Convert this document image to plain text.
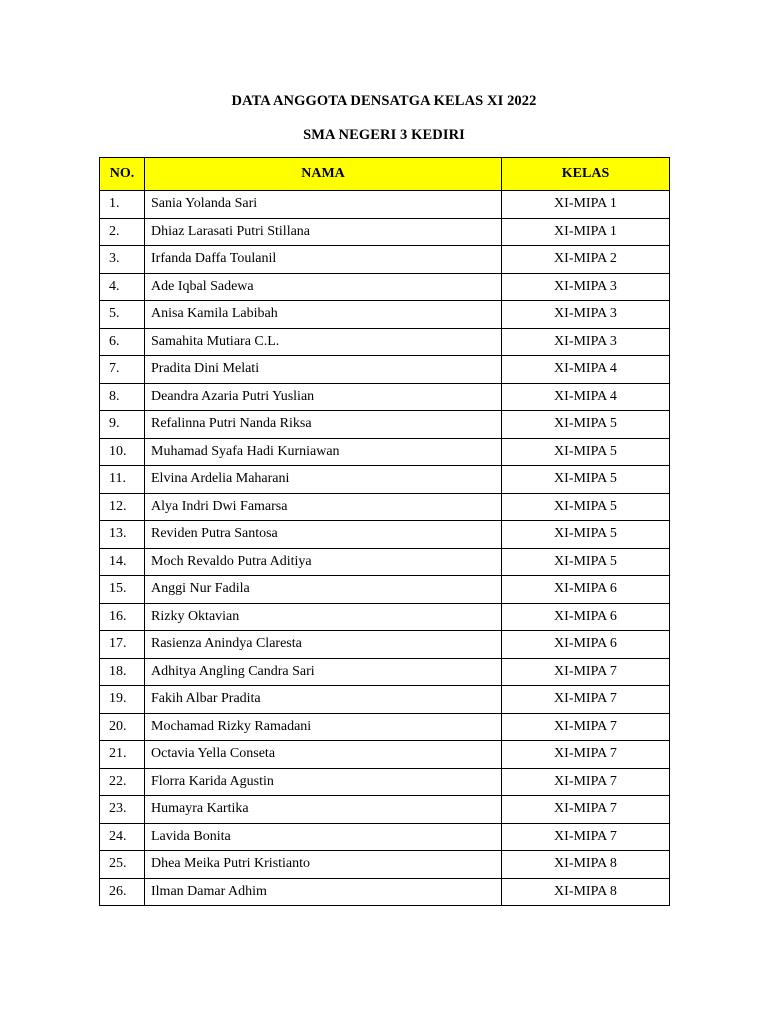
DATA ANGGOTA DENSATGA KELAS XI 2022
SMA NEGERI 3 KEDIRI
NO.	NAMA	KELAS
1.	Sania Yolanda Sari	XI-MIPA 1
2.	Dhiaz Larasati Putri Stillana	XI-MIPA 1
3.	Irfanda Daffa Toulanil	XI-MIPA 2
4.	Ade Iqbal Sadewa	XI-MIPA 3
5.	Anisa Kamila Labibah	XI-MIPA 3
6.	Samahita Mutiara C.L.	XI-MIPA 3
7.	Pradita Dini Melati	XI-MIPA 4
8.	Deandra Azaria Putri Yuslian	XI-MIPA 4
9.	Refalinna Putri Nanda Riksa	XI-MIPA 5
10.	Muhamad Syafa Hadi Kurniawan	XI-MIPA 5
11.	Elvina Ardelia Maharani	XI-MIPA 5
12.	Alya Indri Dwi Famarsa	XI-MIPA 5
13.	Reviden Putra Santosa	XI-MIPA 5
14.	Moch Revaldo Putra Aditiya	XI-MIPA 5
15.	Anggi Nur Fadila	XI-MIPA 6
16.	Rizky Oktavian	XI-MIPA 6
17.	Rasienza Anindya Claresta	XI-MIPA 6
18.	Adhitya Angling Candra Sari	XI-MIPA 7
19.	Fakih Albar Pradita	XI-MIPA 7
20.	Mochamad Rizky Ramadani	XI-MIPA 7
21.	Octavia Yella Conseta	XI-MIPA 7
22.	Florra Karida Agustin	XI-MIPA 7
23.	Humayra Kartika	XI-MIPA 7
24.	Lavida Bonita	XI-MIPA 7
25.	Dhea Meika Putri Kristianto	XI-MIPA 8
26.	Ilman Damar Adhim	XI-MIPA 8
